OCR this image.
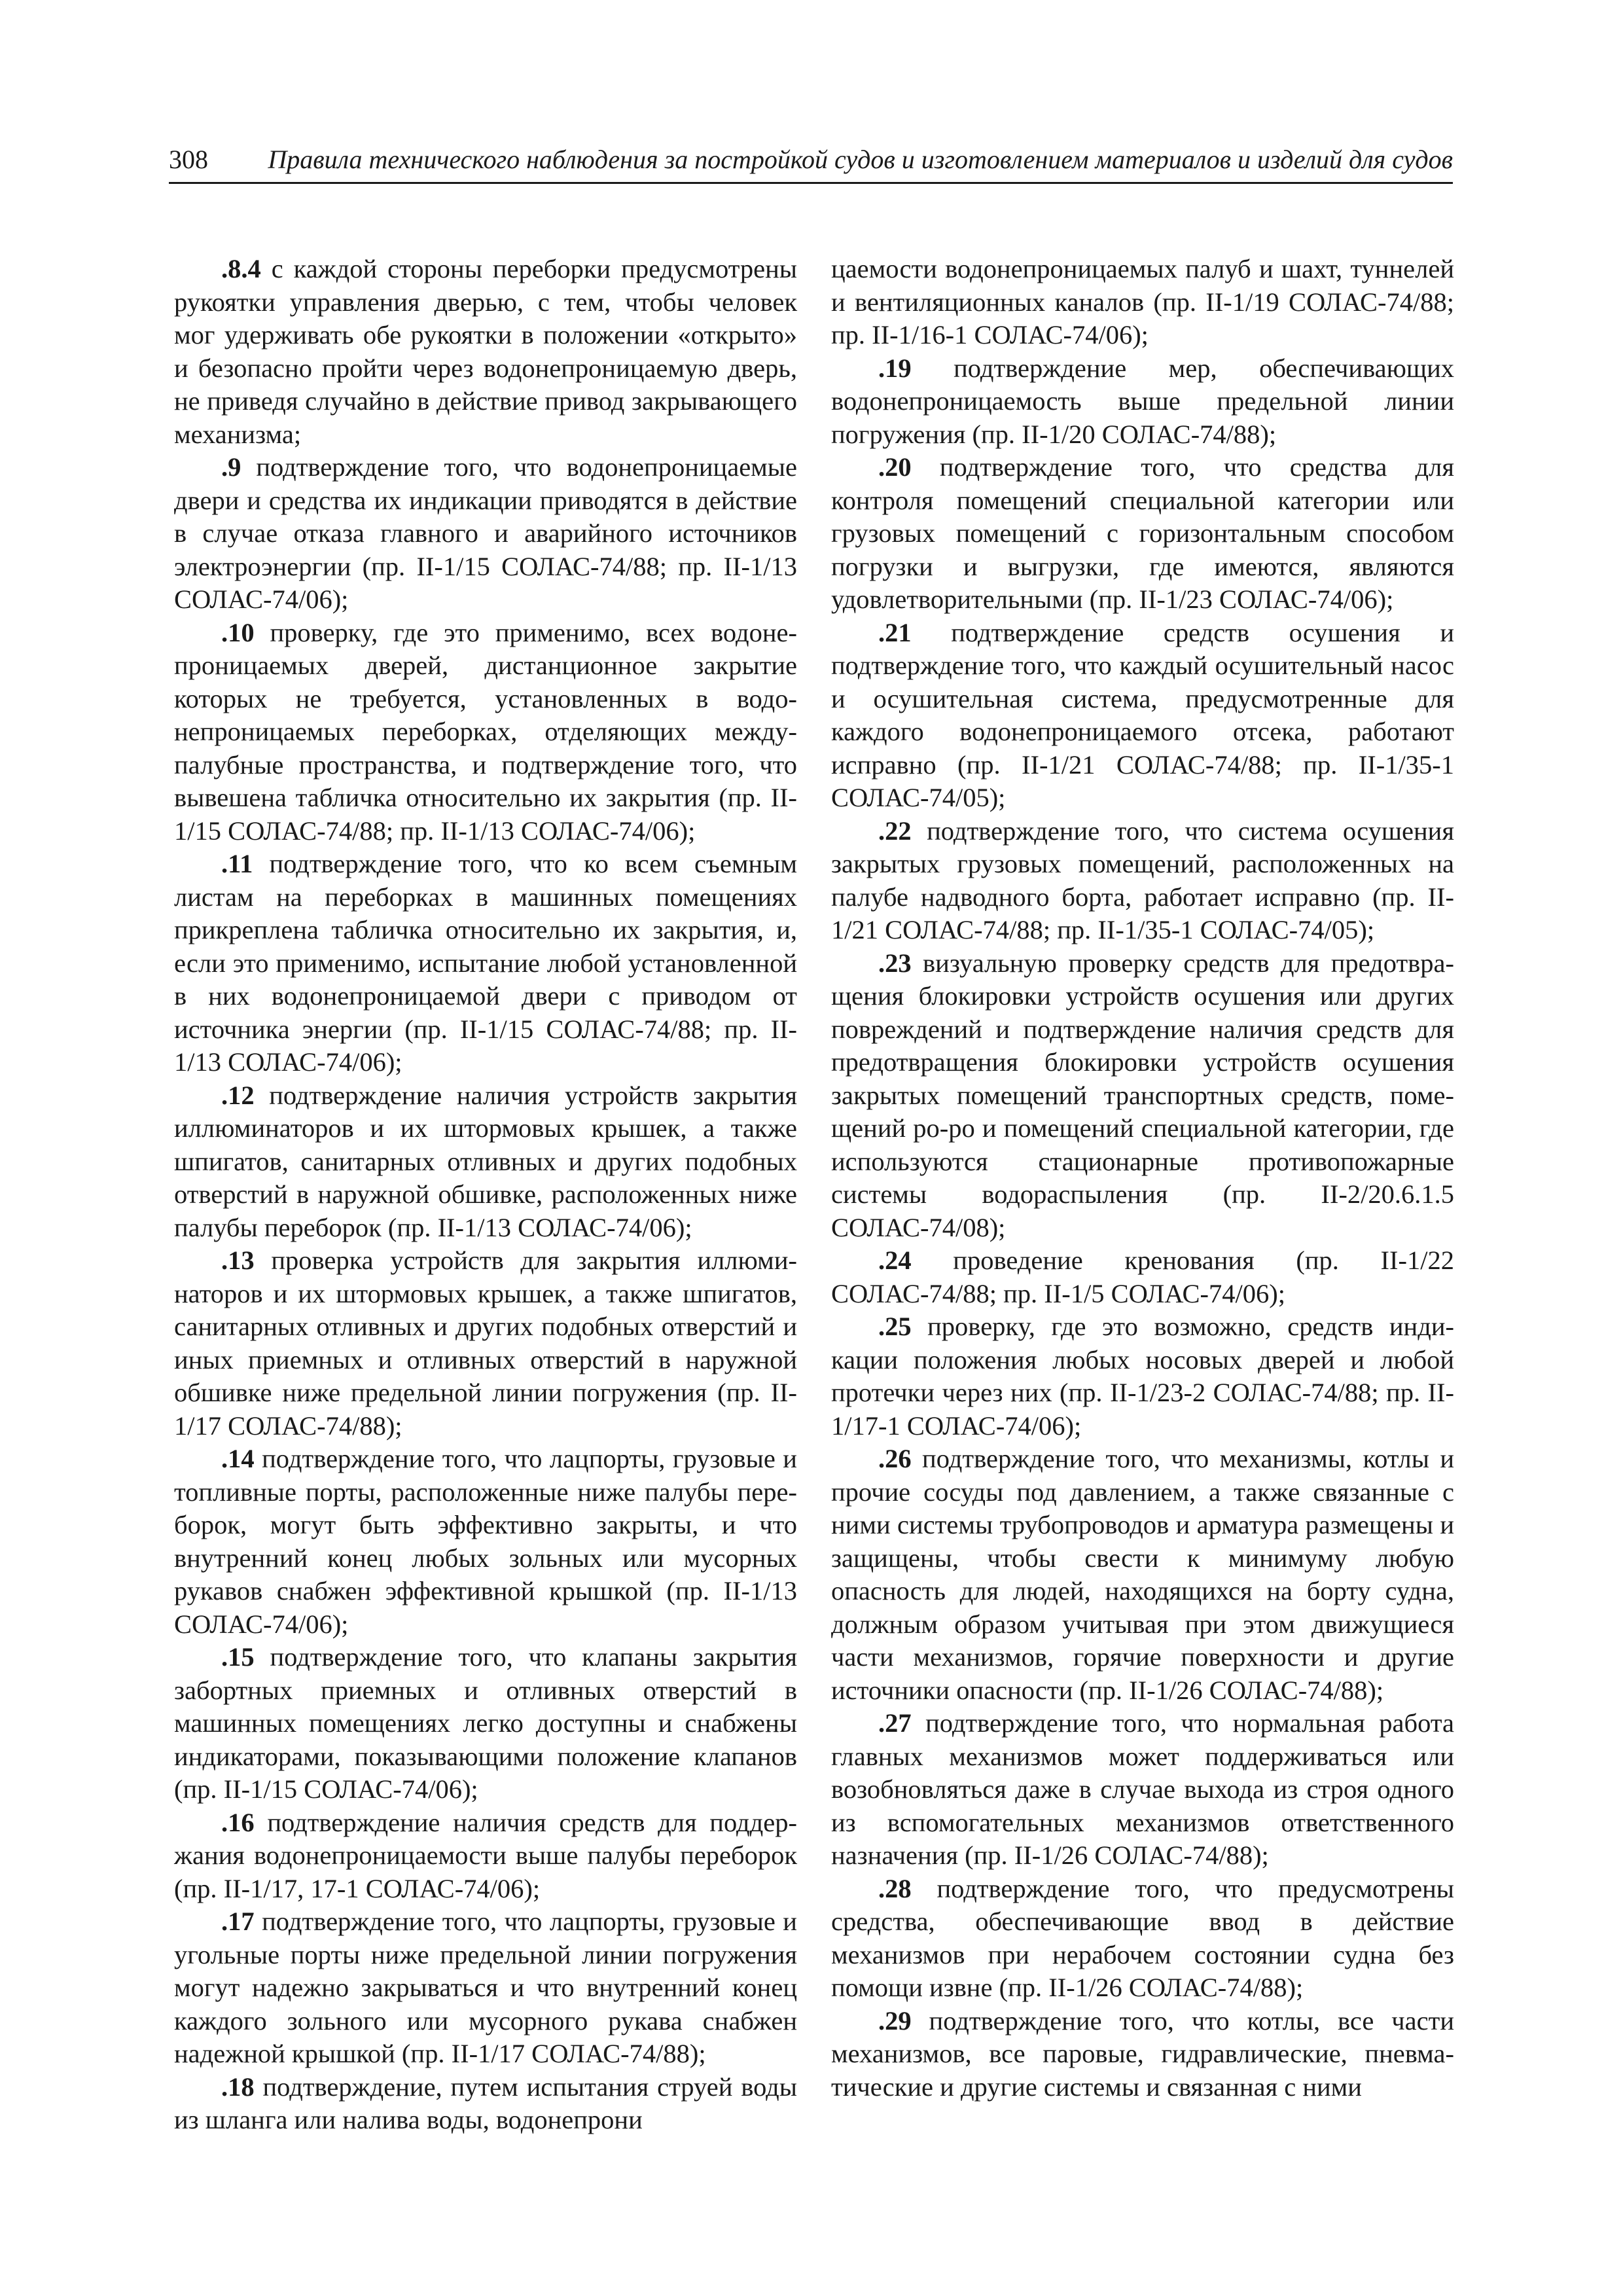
308 Правила технического наблюдения за постройкой судов и изготовлением материалов и изделий для судов

.8.4 с каждой стороны переборки предусмотрены рукоятки управления дверью, с тем, чтобы человек мог удерживать обе рукоятки в положении «открыто» и безопасно пройти через водонепроницаемую дверь, не приведя случайно в действие привод закрывающего механизма;

.9 подтверждение того, что водонепроницаемые двери и средства их индикации приводятся в действие в случае отказа главного и аварийного источников электроэнергии (пр. II-1/15 СОЛАС-74/88; пр. II-1/13 СОЛАС-74/06);

.10 проверку, где это применимо, всех водонепроницаемых дверей, дистанционное закрытие которых не требуется, установленных в водонепроницаемых переборках, отделяющих междупалубные пространства, и подтверждение того, что вывешена табличка относительно их закрытия (пр. II-1/15 СОЛАС-74/88; пр. II-1/13 СОЛАС-74/06);

.11 подтверждение того, что ко всем съемным листам на переборках в машинных помещениях прикреплена табличка относительно их закрытия, и, если это применимо, испытание любой установленной в них водонепроницаемой двери с приводом от источника энергии (пр. II-1/15 СОЛАС-74/88; пр. II-1/13 СОЛАС-74/06);

.12 подтверждение наличия устройств закрытия иллюминаторов и их штормовых крышек, а также шпигатов, санитарных отливных и других подобных отверстий в наружной обшивке, расположенных ниже палубы переборок (пр. II-1/13 СОЛАС-74/06);

.13 проверка устройств для закрытия иллюминаторов и их штормовых крышек, а также шпигатов, санитарных отливных и других подобных отверстий и иных приемных и отливных отверстий в наружной обшивке ниже предельной линии погружения (пр. II-1/17 СОЛАС-74/88);

.14 подтверждение того, что лацпорты, грузовые и топливные порты, расположенные ниже палубы переборок, могут быть эффективно закрыты, и что внутренний конец любых зольных или мусорных рукавов снабжен эффективной крышкой (пр. II-1/13 СОЛАС-74/06);

.15 подтверждение того, что клапаны закрытия забортных приемных и отливных отверстий в машинных помещениях легко доступны и снабжены индикаторами, показывающими положение клапанов (пр. II-1/15 СОЛАС-74/06);

.16 подтверждение наличия средств для поддержания водонепроницаемости выше палубы переборок (пр. II-1/17, 17-1 СОЛАС-74/06);

.17 подтверждение того, что лацпорты, грузовые и угольные порты ниже предельной линии погружения могут надежно закрываться и что внутренний конец каждого зольного или мусорного рукава снабжен надежной крышкой (пр. II-1/17 СОЛАС-74/88);

.18 подтверждение, путем испытания струей воды из шланга или налива воды, водонепрони

цаемости водонепроницаемых палуб и шахт, туннелей и вентиляционных каналов (пр. II-1/19 СОЛАС-74/88; пр. II-1/16-1 СОЛАС-74/06);

.19 подтверждение мер, обеспечивающих водонепроницаемость выше предельной линии погружения (пр. II-1/20 СОЛАС-74/88);

.20 подтверждение того, что средства для контроля помещений специальной категории или грузовых помещений с горизонтальным способом погрузки и выгрузки, где имеются, являются удовлетворительными (пр. II-1/23 СОЛАС-74/06);

.21 подтверждение средств осушения и подтверждение того, что каждый осушительный насос и осушительная система, предусмотренные для каждого водонепроницаемого отсека, работают исправно (пр. II-1/21 СОЛАС-74/88; пр. II-1/35-1 СОЛАС-74/05);

.22 подтверждение того, что система осушения закрытых грузовых помещений, расположенных на палубе надводного борта, работает исправно (пр. II-1/21 СОЛАС-74/88; пр. II-1/35-1 СОЛАС-74/05);

.23 визуальную проверку средств для предотвращения блокировки устройств осушения или других повреждений и подтверждение наличия средств для предотвращения блокировки устройств осушения закрытых помещений транспортных средств, помещений ро-ро и помещений специальной категории, где используются стационарные противопожарные системы водораспыления (пр. II-2/20.6.1.5 СОЛАС-74/08);

.24 проведение кренования (пр. II-1/22 СОЛАС-74/88; пр. II-1/5 СОЛАС-74/06);

.25 проверку, где это возможно, средств индикации положения любых носовых дверей и любой протечки через них (пр. II-1/23-2 СОЛАС-74/88; пр. II-1/17-1 СОЛАС-74/06);

.26 подтверждение того, что механизмы, котлы и прочие сосуды под давлением, а также связанные с ними системы трубопроводов и арматура размещены и защищены, чтобы свести к минимуму любую опасность для людей, находящихся на борту судна, должным образом учитывая при этом движущиеся части механизмов, горячие поверхности и другие источники опасности (пр. II-1/26 СОЛАС-74/88);

.27 подтверждение того, что нормальная работа главных механизмов может поддерживаться или возобновляться даже в случае выхода из строя одного из вспомогательных механизмов ответственного назначения (пр. II-1/26 СОЛАС-74/88);

.28 подтверждение того, что предусмотрены средства, обеспечивающие ввод в действие механизмов при нерабочем состоянии судна без помощи извне (пр. II-1/26 СОЛАС-74/88);

.29 подтверждение того, что котлы, все части механизмов, все паровые, гидравлические, пневматические и другие системы и связанная с ними
